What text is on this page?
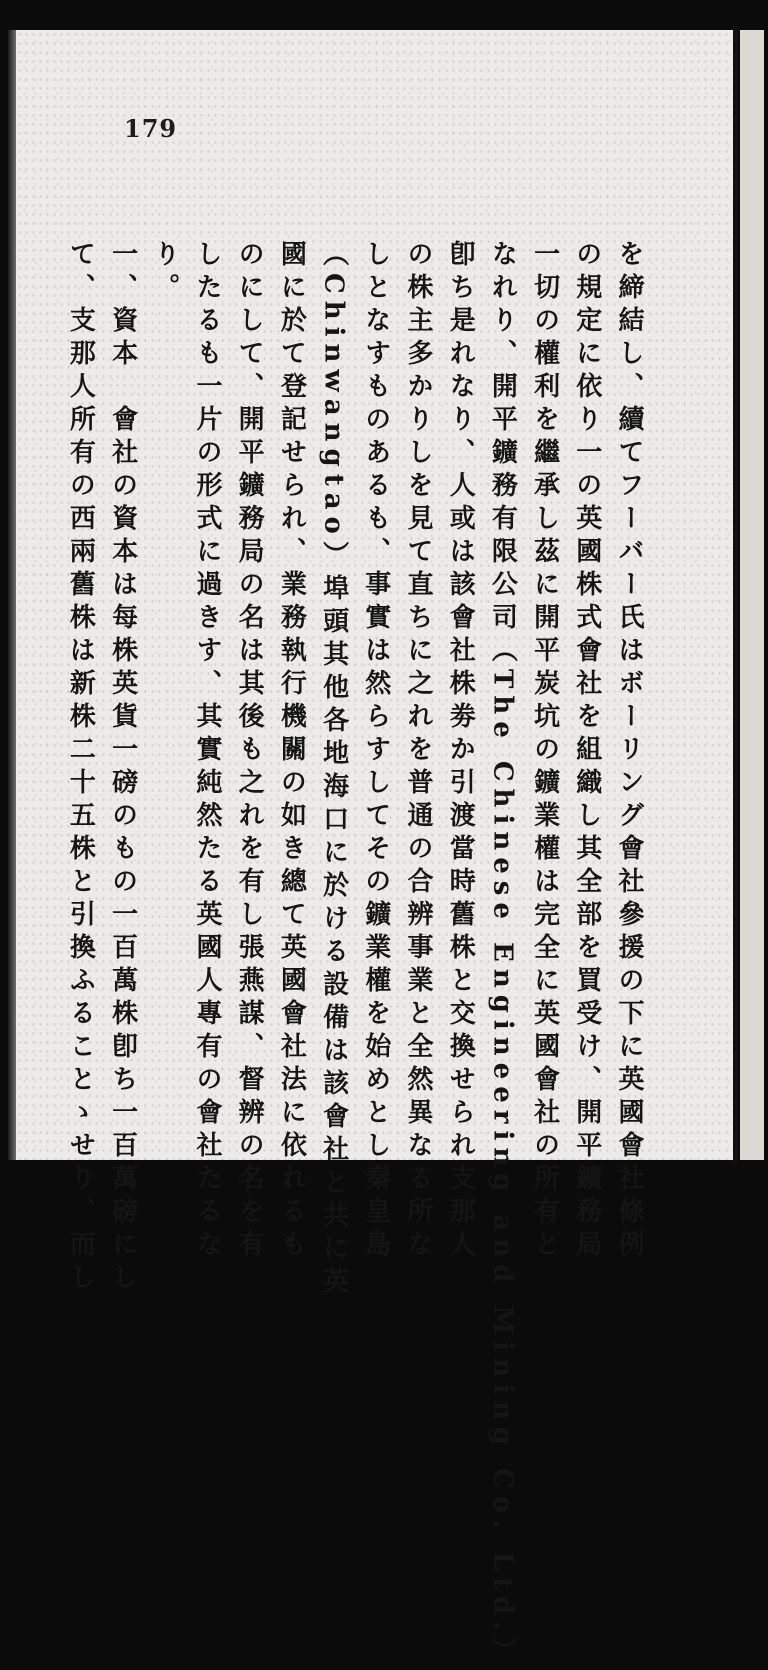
179
を締結し、續てフーバー氏はボーリング會社參援の下に英國會社條例
の規定に依り一の英國株式會社を組織し其全部を買受け、開平鑛務局
一切の權利を繼承し茲に開平炭坑の鑛業權は完全に英國會社の所有と
なれり、開平鑛務有限公司（The Chinese Engineering and Mining Co. Ltd.）
卽ち是れなり、人或は該會社株劵か引渡當時舊株と交換せられ支那人
の株主多かりしを見て直ちに之れを普通の合辨事業と全然異なる所な
しとなすものあるも、事實は然らすしてその鑛業權を始めとし秦皇島
（Chinwangtao）埠頭其他各地海口に於ける設備は該會社と共に英
國に於て登記せられ、業務執行機關の如き總て英國會社法に依れるも
のにして、開平鑛務局の名は其後も之れを有し張燕謀、督辨の名を有
したるも一片の形式に過きす、其實純然たる英國人專有の會社たるな
り。
一、資本　會社の資本は每株英貨一磅のもの一百萬株卽ち一百萬磅にし
て、支那人所有の西兩舊株は新株二十五株と引換ふることゝせり、而し
